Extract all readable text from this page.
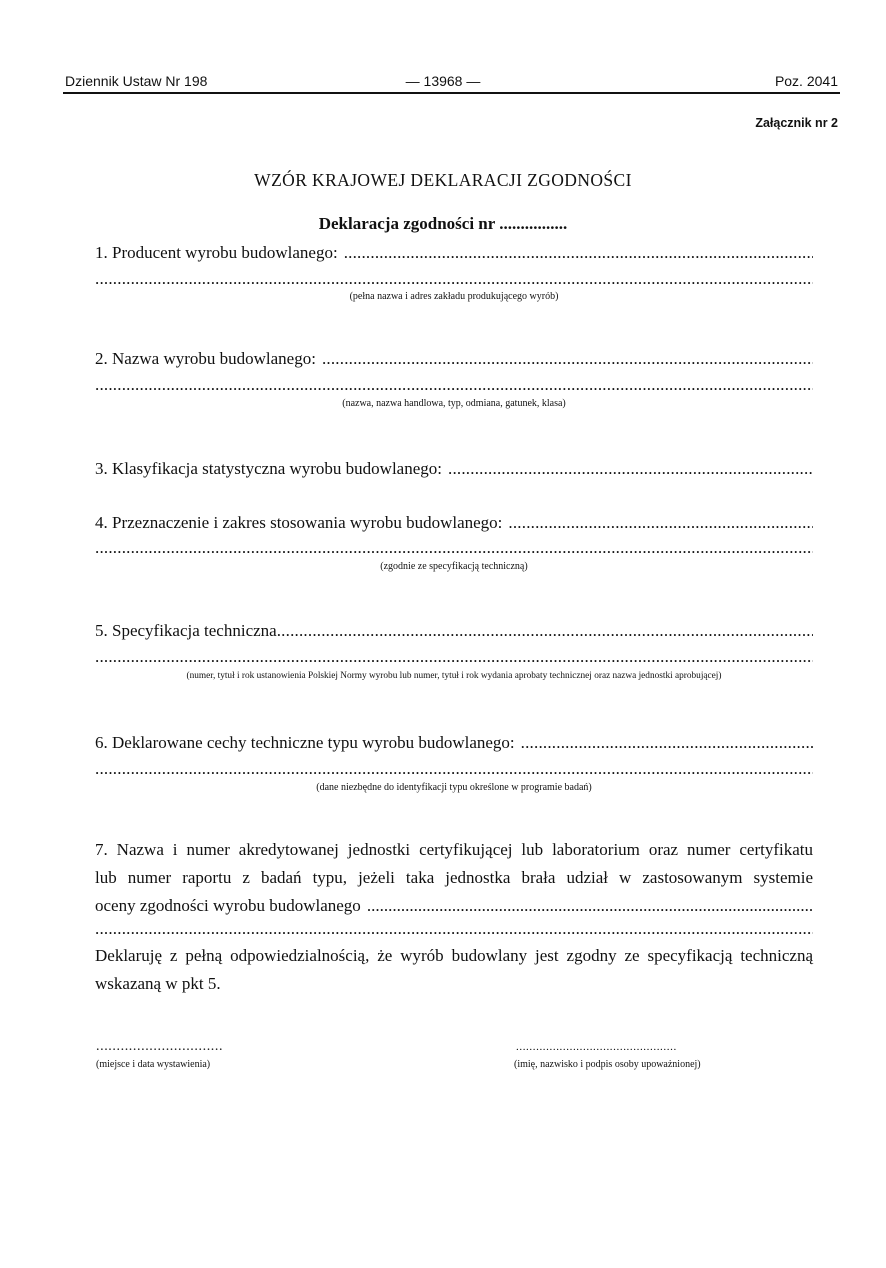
Dziennik Ustaw Nr 198	— 13968 —	Poz. 2041
Załącznik nr 2
WZÓR KRAJOWEJ DEKLARACJI ZGODNOŚCI
Deklaracja zgodności nr ................
1. Producent wyrobu budowlanego:
.....
.....
(pełna nazwa i adres zakładu produkującego wyrób)
2. Nazwa wyrobu budowlanego:
.....
.....
(nazwa, nazwa handlowa, typ, odmiana, gatunek, klasa)
3. Klasyfikacja statystyczna wyrobu budowlanego:
.....
4. Przeznaczenie i zakres stosowania wyrobu budowlanego:
.....
.....
(zgodnie ze specyfikacją techniczną)
5. Specyfikacja techniczna
.....
.....
(numer, tytuł i rok ustanowienia Polskiej Normy wyrobu lub numer, tytuł i rok wydania aprobaty technicznej oraz nazwa jednostki aprobującej)
6. Deklarowane cechy techniczne typu wyrobu budowlanego:
.....
.....
(dane niezbędne do identyfikacji typu określone w programie badań)
7. Nazwa i numer akredytowanej jednostki certyfikującej lub laboratorium oraz numer certyfikatu
lub numer raportu z badań typu, jeżeli taka jednostka brała udział w zastosowanym systemie
oceny zgodności wyrobu budowlanego
.....
.....
Deklaruję z pełną odpowiedzialnością, że wyrób budowlany jest zgodny ze specyfikacją techniczną
wskazaną w pkt 5.
...............................
(miejsce i data wystawienia)
................................................
(imię, nazwisko i podpis osoby upoważnionej)
